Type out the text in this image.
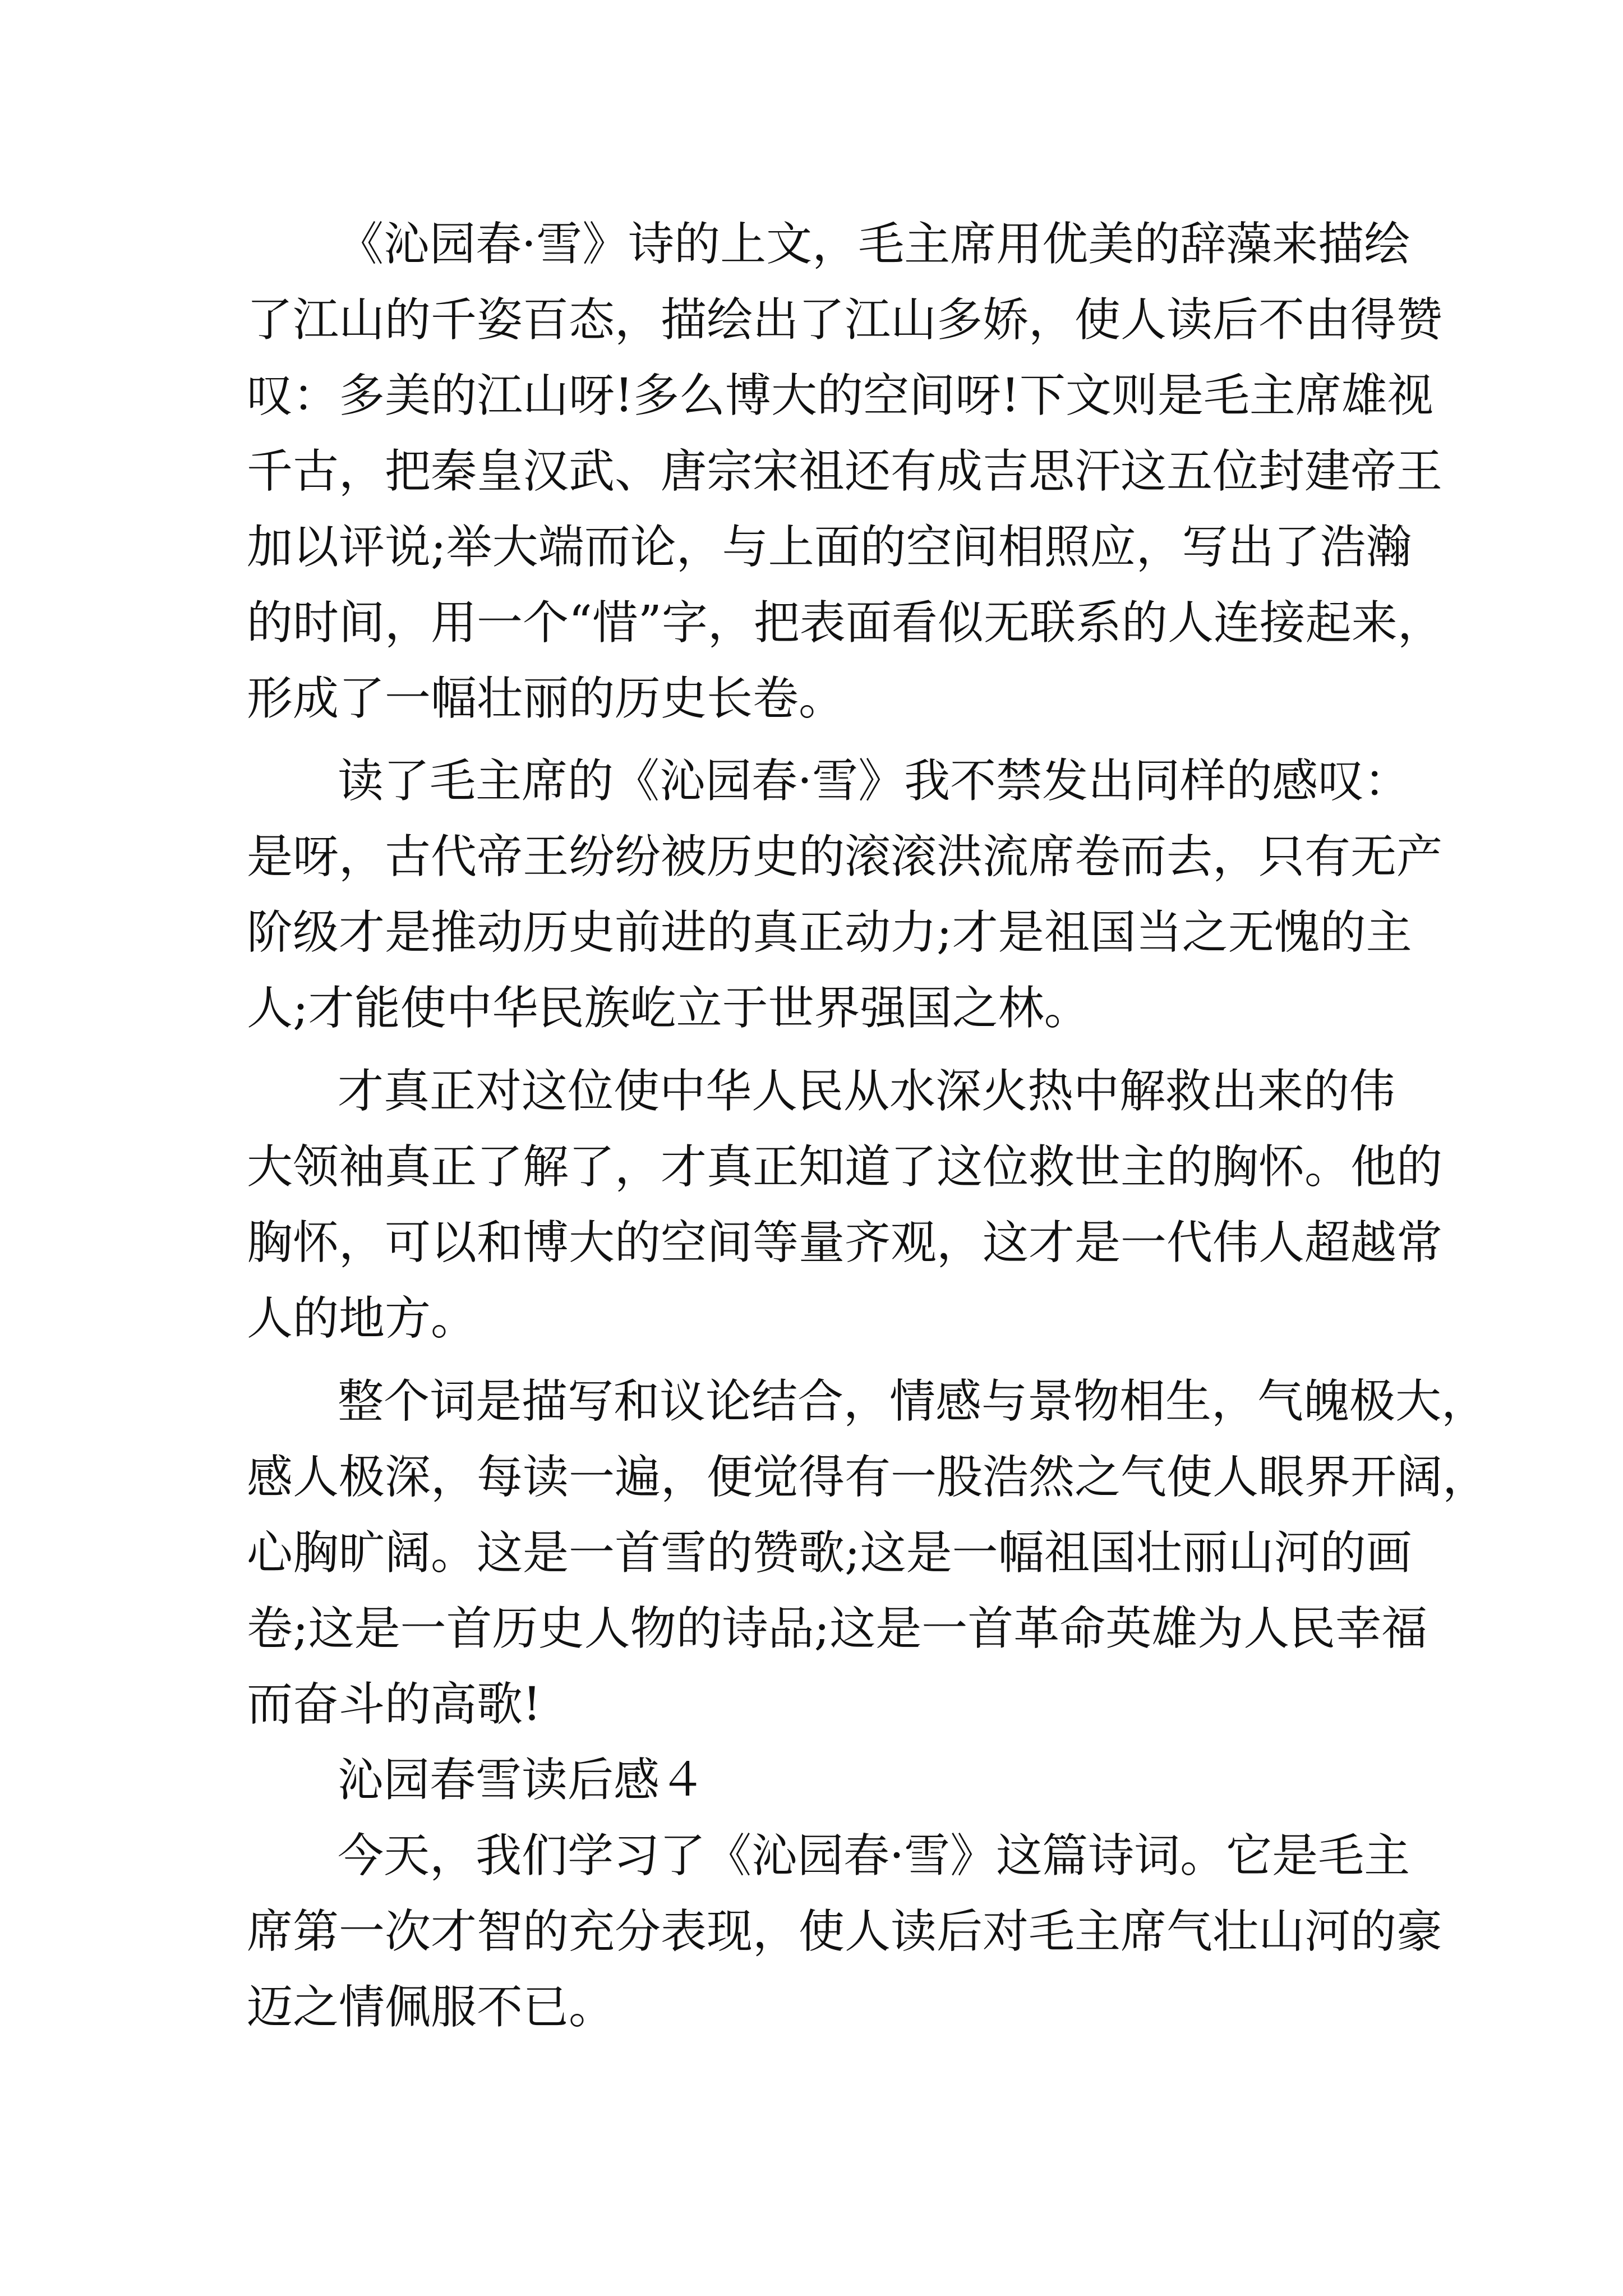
《沁园春·雪》诗的上文，毛主席用优美的辞藻来描绘

了江山的千姿百态，描绘出了江山多娇，使人读后不由得赞

叹：多美的江山呀!多么博大的空间呀!下文则是毛主席雄视

千古，把秦皇汉武、唐宗宋祖还有成吉思汗这五位封建帝王

加以评说;举大端而论，与上面的空间相照应，写出了浩瀚

的时间，用一个“惜”字，把表面看似无联系的人连接起来，

形成了一幅壮丽的历史长卷。

读了毛主席的《沁园春·雪》我不禁发出同样的感叹：

是呀，古代帝王纷纷被历史的滚滚洪流席卷而去，只有无产

阶级才是推动历史前进的真正动力;才是祖国当之无愧的主

人;才能使中华民族屹立于世界强国之林。

才真正对这位使中华人民从水深火热中解救出来的伟

大领袖真正了解了，才真正知道了这位救世主的胸怀。他的

胸怀，可以和博大的空间等量齐观，这才是一代伟人超越常

人的地方。

整个词是描写和议论结合，情感与景物相生，气魄极大，

感人极深，每读一遍，便觉得有一股浩然之气使人眼界开阔，

心胸旷阔。这是一首雪的赞歌;这是一幅祖国壮丽山河的画

卷;这是一首历史人物的诗品;这是一首革命英雄为人民幸福

而奋斗的高歌!

沁园春雪读后感４

今天，我们学习了《沁园春·雪》这篇诗词。它是毛主

席第一次才智的充分表现，使人读后对毛主席气壮山河的豪

迈之情佩服不已。
